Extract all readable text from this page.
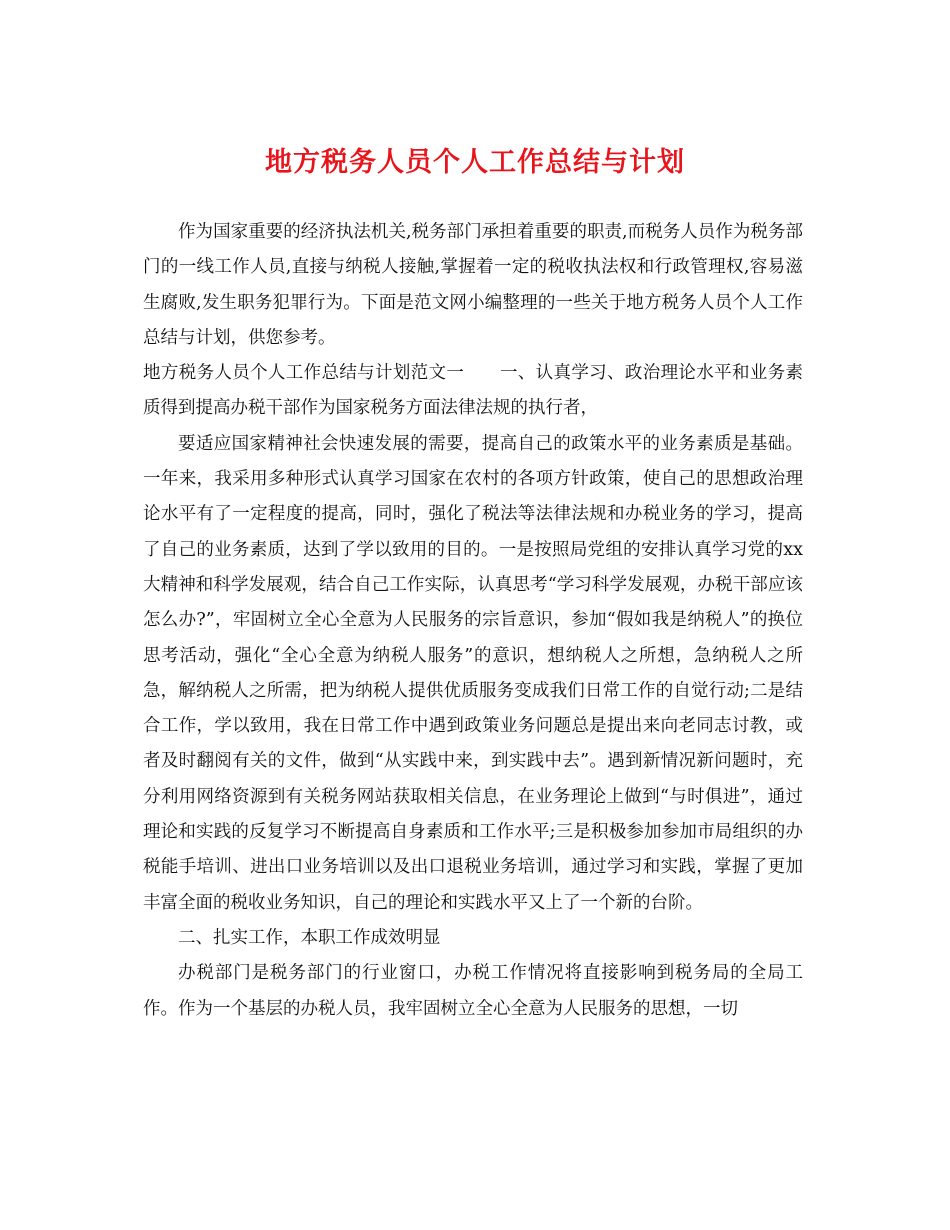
地方税务人员个人工作总结与计划

作为国家重要的经济执法机关,税务部门承担着重要的职责,而税务人员作为税务部门的一线工作人员,直接与纳税人接触,掌握着一定的税收执法权和行政管理权,容易滋生腐败,发生职务犯罪行为。下面是范文网小编整理的一些关于地方税务人员个人工作总结与计划，供您参考。

地方税务人员个人工作总结与计划范文一　　一、认真学习、政治理论水平和业务素质得到提高办税干部作为国家税务方面法律法规的执行者，

要适应国家精神社会快速发展的需要，提高自己的政策水平的业务素质是基础。一年来，我采用多种形式认真学习国家在农村的各项方针政策，使自己的思想政治理论水平有了一定程度的提高，同时，强化了税法等法律法规和办税业务的学习，提高了自己的业务素质，达到了学以致用的目的。一是按照局党组的安排认真学习党的xx大精神和科学发展观，结合自己工作实际，认真思考“学习科学发展观，办税干部应该怎么办?”，牢固树立全心全意为人民服务的宗旨意识，参加“假如我是纳税人”的换位思考活动，强化“全心全意为纳税人服务”的意识，想纳税人之所想，急纳税人之所急，解纳税人之所需，把为纳税人提供优质服务变成我们日常工作的自觉行动;二是结合工作，学以致用，我在日常工作中遇到政策业务问题总是提出来向老同志讨教，或者及时翻阅有关的文件，做到“从实践中来，到实践中去”。遇到新情况新问题时，充分利用网络资源到有关税务网站获取相关信息，在业务理论上做到“与时俱进”，通过理论和实践的反复学习不断提高自身素质和工作水平;三是积极参加参加市局组织的办税能手培训、进出口业务培训以及出口退税业务培训，通过学习和实践，掌握了更加丰富全面的税收业务知识，自己的理论和实践水平又上了一个新的台阶。

二、扎实工作，本职工作成效明显

办税部门是税务部门的行业窗口，办税工作情况将直接影响到税务局的全局工作。作为一个基层的办税人员，我牢固树立全心全意为人民服务的思想，一切
